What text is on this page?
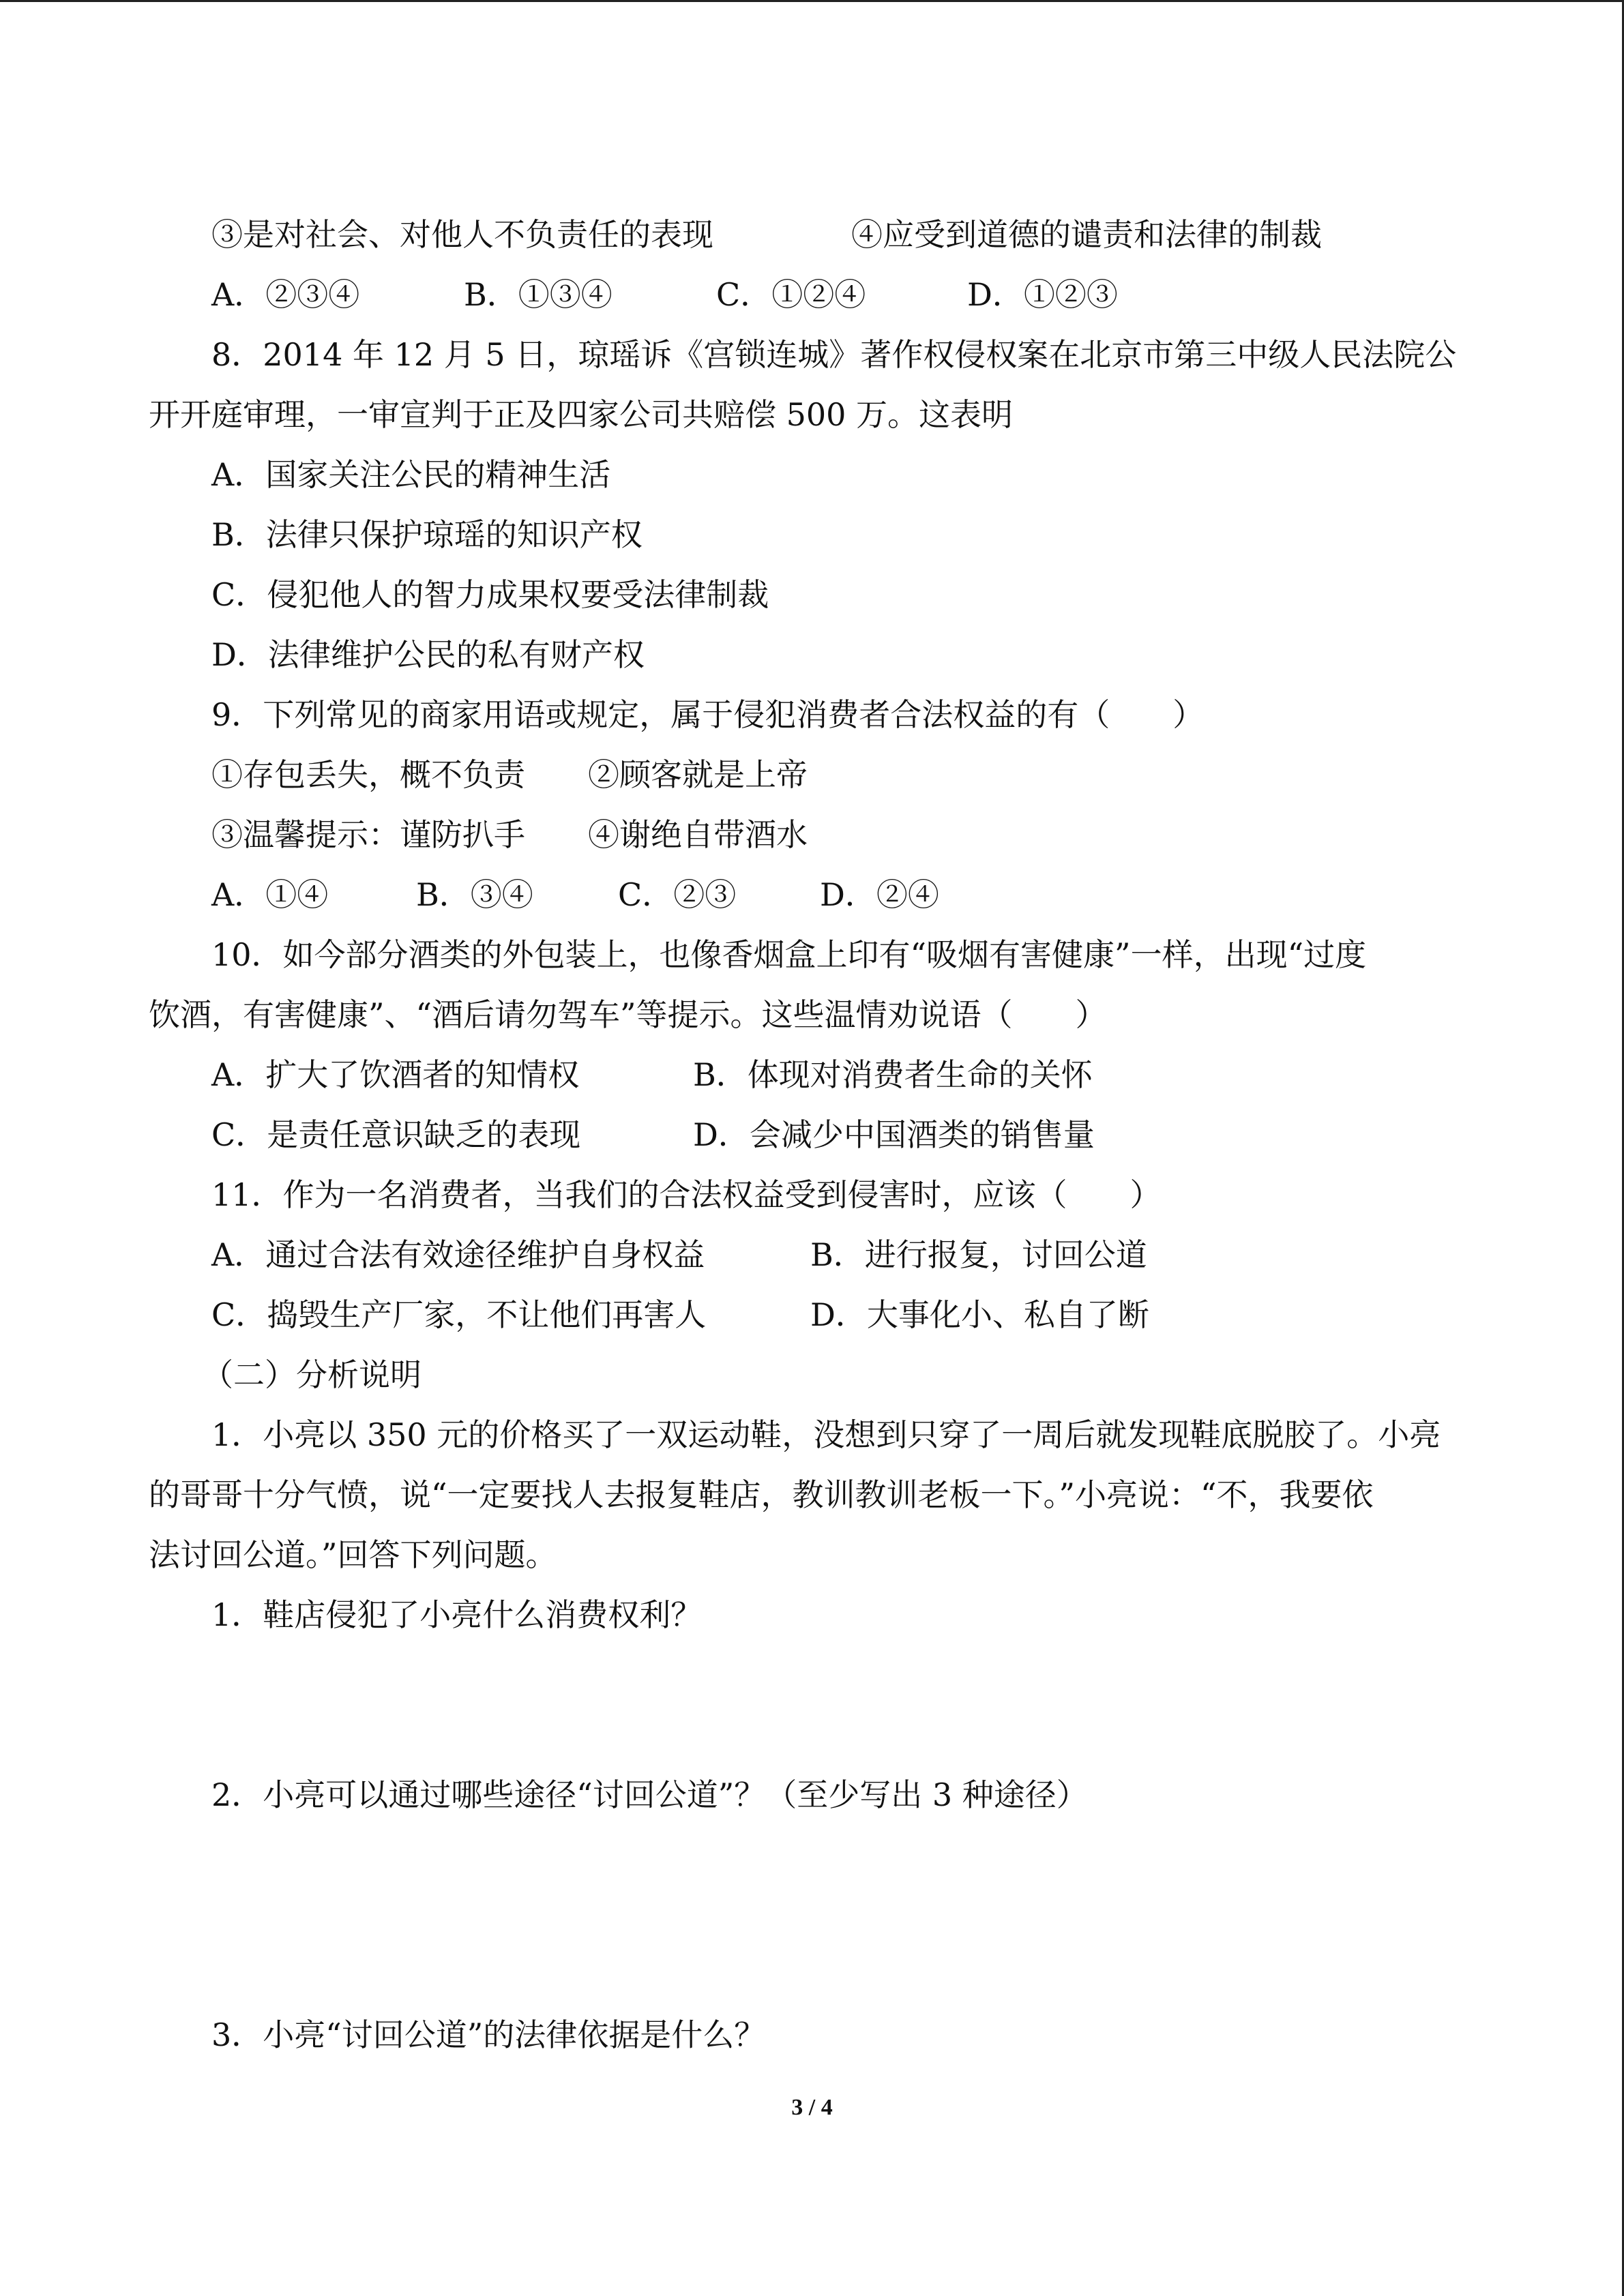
③是对社会、对他人不负责任的表现	④应受到道德的谴责和法律的制裁
A．②③④	B．①③④	C．①②④	D．①②③
8．2014 年 12 月 5 日，琼瑶诉《宫锁连城》著作权侵权案在北京市第三中级人民法院公
开开庭审理，一审宣判于正及四家公司共赔偿 500 万。这表明
A．国家关注公民的精神生活
B．法律只保护琼瑶的知识产权
C．侵犯他人的智力成果权要受法律制裁
D．法律维护公民的私有财产权
9．下列常见的商家用语或规定，属于侵犯消费者合法权益的有（　　）
①存包丢失，概不负责 ②顾客就是上帝
③温馨提示：谨防扒手 ④谢绝自带酒水
A．①④	B．③④	C．②③	D．②④
10．如今部分酒类的外包装上，也像香烟盒上印有“吸烟有害健康”一样，出现“过度
饮酒，有害健康”、“酒后请勿驾车”等提示。这些温情劝说语（　　）
A．扩大了饮酒者的知情权	B．体现对消费者生命的关怀
C．是责任意识缺乏的表现	D．会减少中国酒类的销售量
11．作为一名消费者，当我们的合法权益受到侵害时，应该（　　）
A．通过合法有效途径维护自身权益	B．进行报复，讨回公道
C．捣毁生产厂家，不让他们再害人	D．大事化小、私自了断
（二）分析说明
1．小亮以 350 元的价格买了一双运动鞋，没想到只穿了一周后就发现鞋底脱胶了。小亮
的哥哥十分气愤，说“一定要找人去报复鞋店，教训教训老板一下。”小亮说：“不，我要依
法讨回公道。”回答下列问题。
1．鞋店侵犯了小亮什么消费权利？
2．小亮可以通过哪些途径“讨回公道”？（至少写出 3 种途径）
3．小亮“讨回公道”的法律依据是什么？
3 / 4
